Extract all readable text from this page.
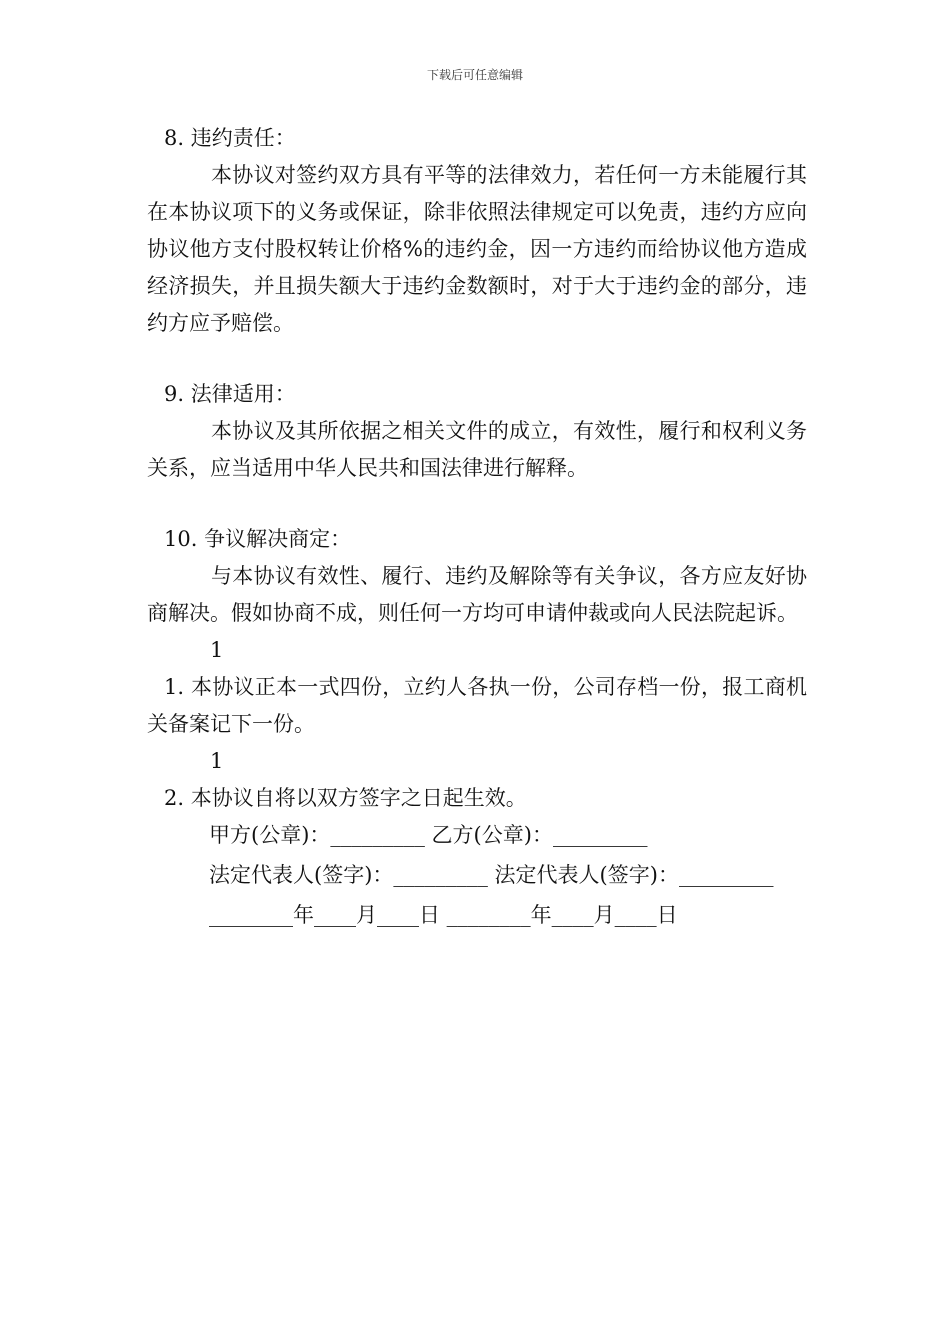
下载后可任意编辑

8. 违约责任：

本协议对签约双方具有平等的法律效力，若任何一方未能履行其在本协议项下的义务或保证，除非依照法律规定可以免责，违约方应向协议他方支付股权转让价格%的违约金，因一方违约而给协议他方造成经济损失，并且损失额大于违约金数额时，对于大于违约金的部分，违约方应予赔偿。

9. 法律适用：

本协议及其所依据之相关文件的成立，有效性，履行和权利义务关系，应当适用中华人民共和国法律进行解释。

10. 争议解决商定：

与本协议有效性、履行、违约及解除等有关争议，各方应友好协商解决。假如协商不成，则任何一方均可申请仲裁或向人民法院起诉。

1

1. 本协议正本一式四份，立约人各执一份，公司存档一份，报工商机关备案记下一份。

1

2. 本协议自将以双方签字之日起生效。

甲方(公章)：_________ 乙方(公章)：_________

法定代表人(签字)：_________ 法定代表人(签字)：_________

________年____月____日 ________年____月____日
